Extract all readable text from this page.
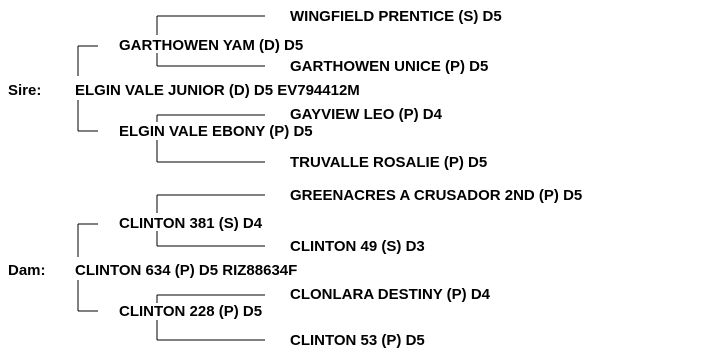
WINGFIELD PRENTICE (S) D5
GARTHOWEN YAM (D) D5
GARTHOWEN UNICE (P) D5
Sire: ELGIN VALE JUNIOR (D) D5 EV794412M
GAYVIEW LEO (P) D4
ELGIN VALE EBONY (P) D5
TRUVALLE ROSALIE (P) D5
GREENACRES A CRUSADOR 2ND (P) D5
CLINTON 381 (S) D4
CLINTON 49 (S) D3
Dam: CLINTON 634 (P) D5 RIZ88634F
CLONLARA DESTINY (P) D4
CLINTON 228 (P) D5
CLINTON 53 (P) D5
